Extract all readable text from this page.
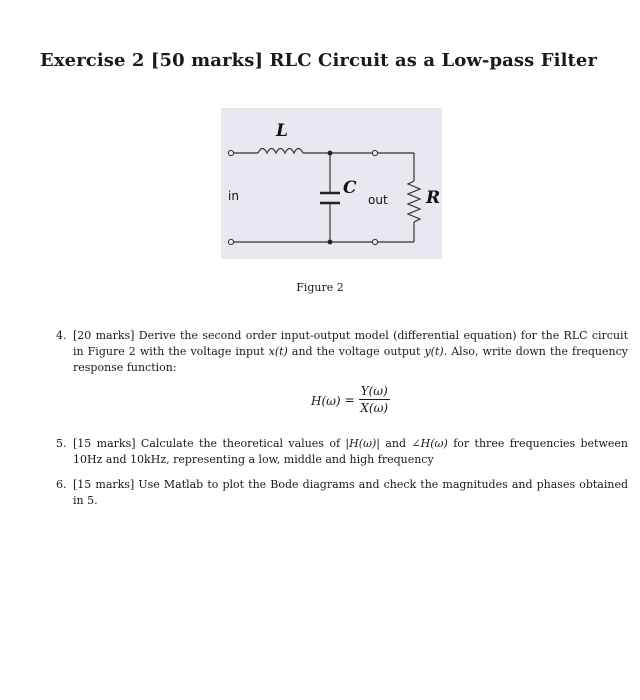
Exercise 2 [50 marks] RLC Circuit as a Low-pass Filter
L
C	R
in	out
Figure 2
4. [20 marks] Derive the second order input-output model (differential equation) for the RLC circuit in Figure 2 with the voltage input x(t) and the voltage output y(t). Also, write down the frequency response function:
$H(\omega) = \frac{Y(\omega)}{X(\omega)}$
5. [15 marks] Calculate the theoretical values of |H(ω)| and ∠H(ω) for three frequencies between 10Hz and 10kHz, representing a low, middle and high frequency
6. [15 marks] Use Matlab to plot the Bode diagrams and check the magnitudes and phases obtained in 5.
